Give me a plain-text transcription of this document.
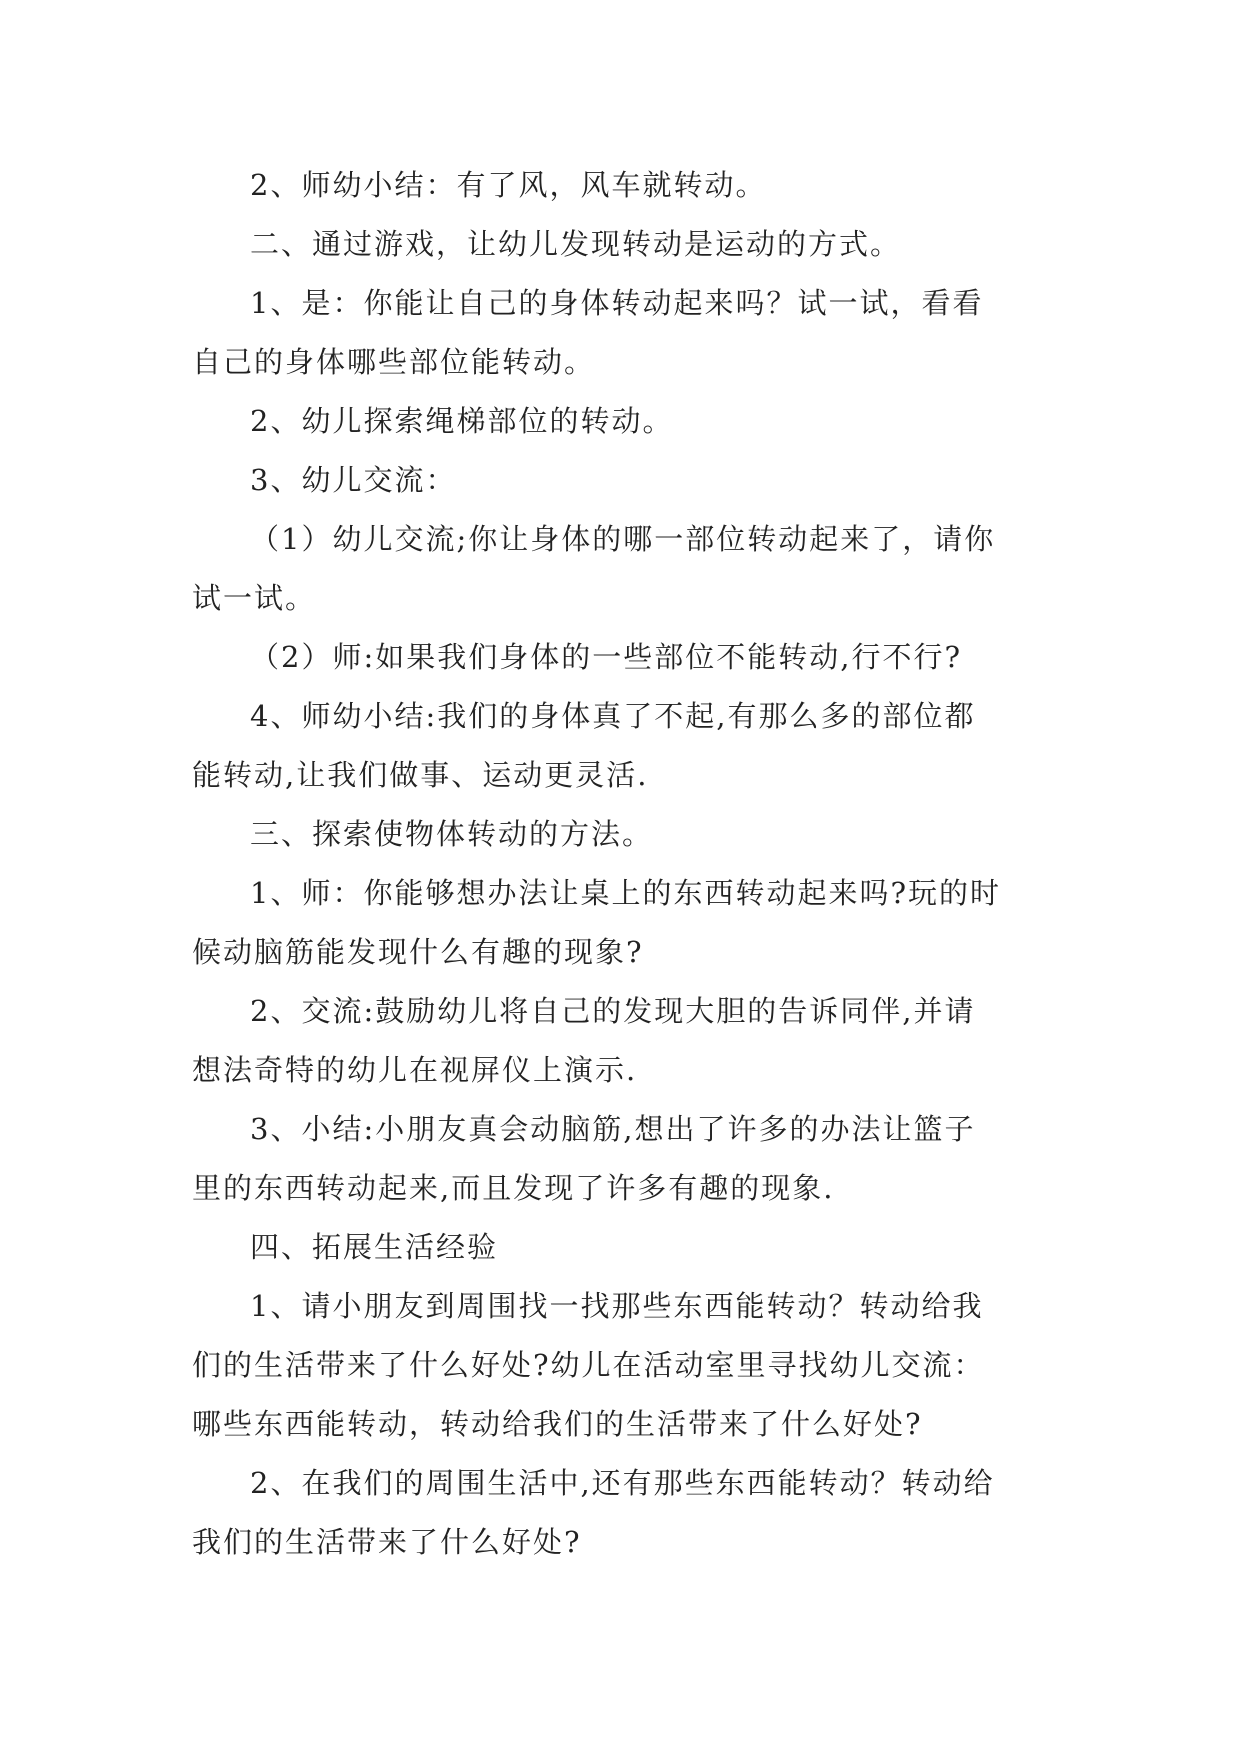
2、师幼小结：有了风，风车就转动。
二、通过游戏，让幼儿发现转动是运动的方式。
1、是：你能让自己的身体转动起来吗？试一试，看看
自己的身体哪些部位能转动。
2、幼儿探索绳梯部位的转动。
3、幼儿交流：
（1）幼儿交流;你让身体的哪一部位转动起来了，请你
试一试。
（2）师:如果我们身体的一些部位不能转动,行不行?
4、师幼小结:我们的身体真了不起,有那么多的部位都
能转动,让我们做事、运动更灵活.
三、探索使物体转动的方法。
1、师：你能够想办法让桌上的东西转动起来吗?玩的时
候动脑筋能发现什么有趣的现象?
2、交流:鼓励幼儿将自己的发现大胆的告诉同伴,并请
想法奇特的幼儿在视屏仪上演示.
3、小结:小朋友真会动脑筋,想出了许多的办法让篮子
里的东西转动起来,而且发现了许多有趣的现象.
四、拓展生活经验
1、请小朋友到周围找一找那些东西能转动？转动给我
们的生活带来了什么好处?幼儿在活动室里寻找幼儿交流：
哪些东西能转动，转动给我们的生活带来了什么好处?
2、在我们的周围生活中,还有那些东西能转动？转动给
我们的生活带来了什么好处?
